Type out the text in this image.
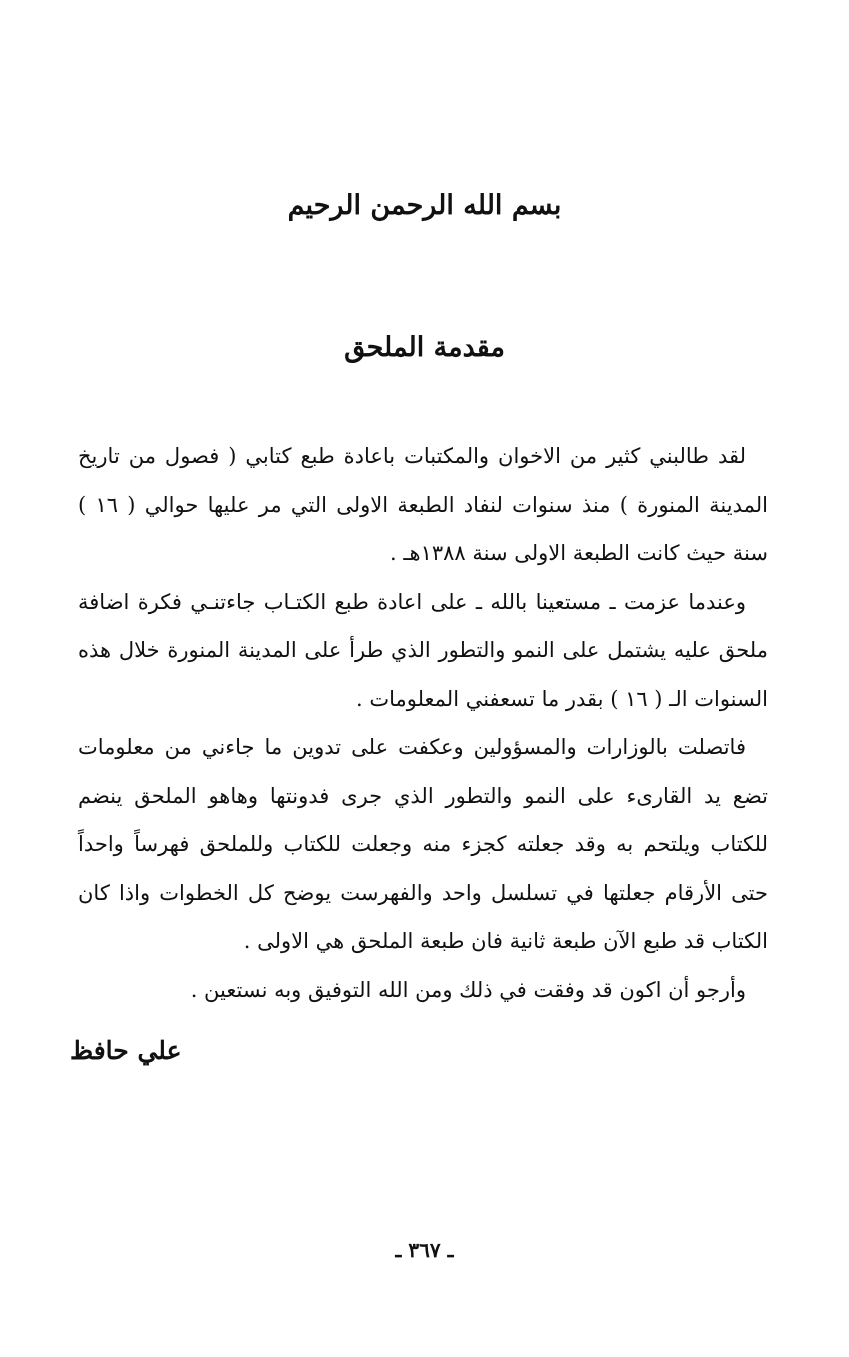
بسم الله الرحمن الرحيم
مقدمة الملحق

لقد طالبني كثير من الاخوان والمكتبات باعادة طبع كتابي ( فصول من تاريخ المدينة المنورة ) منذ سنوات لنفاد الطبعة الاولى التي مر عليها حوالي ( ١٦ ) سنة حيث كانت الطبعة الاولى سنة ١٣٨٨هـ .

وعندما عزمت ـ مستعينا بالله ـ على اعادة طبع الكتـاب جاءتنـي فكرة اضافة ملحق عليه يشتمل على النمو والتطور الذي طرأ على المدينة المنورة خلال هذه السنوات الـ ( ١٦ ) بقدر ما تسعفني المعلومات .

فاتصلت بالوزارات والمسؤولين وعكفت على تدوين ما جاءني من معلومات تضع يد القارىء على النمو والتطور الذي جرى فدونتها وهاهو الملحق ينضم للكتاب ويلتحم به وقد جعلته كجزء منه وجعلت للكتاب وللملحق فهرساً واحداً حتى الأرقام جعلتها في تسلسل واحد والفهرست يوضح كل الخطوات واذا كان الكتاب قد طبع الآن طبعة ثانية فان طبعة الملحق هي الاولى .

وأرجو أن اكون قد وفقت في ذلك ومن الله التوفيق وبه نستعين .

علي حافظ

ـ ٣٦٧ ـ
